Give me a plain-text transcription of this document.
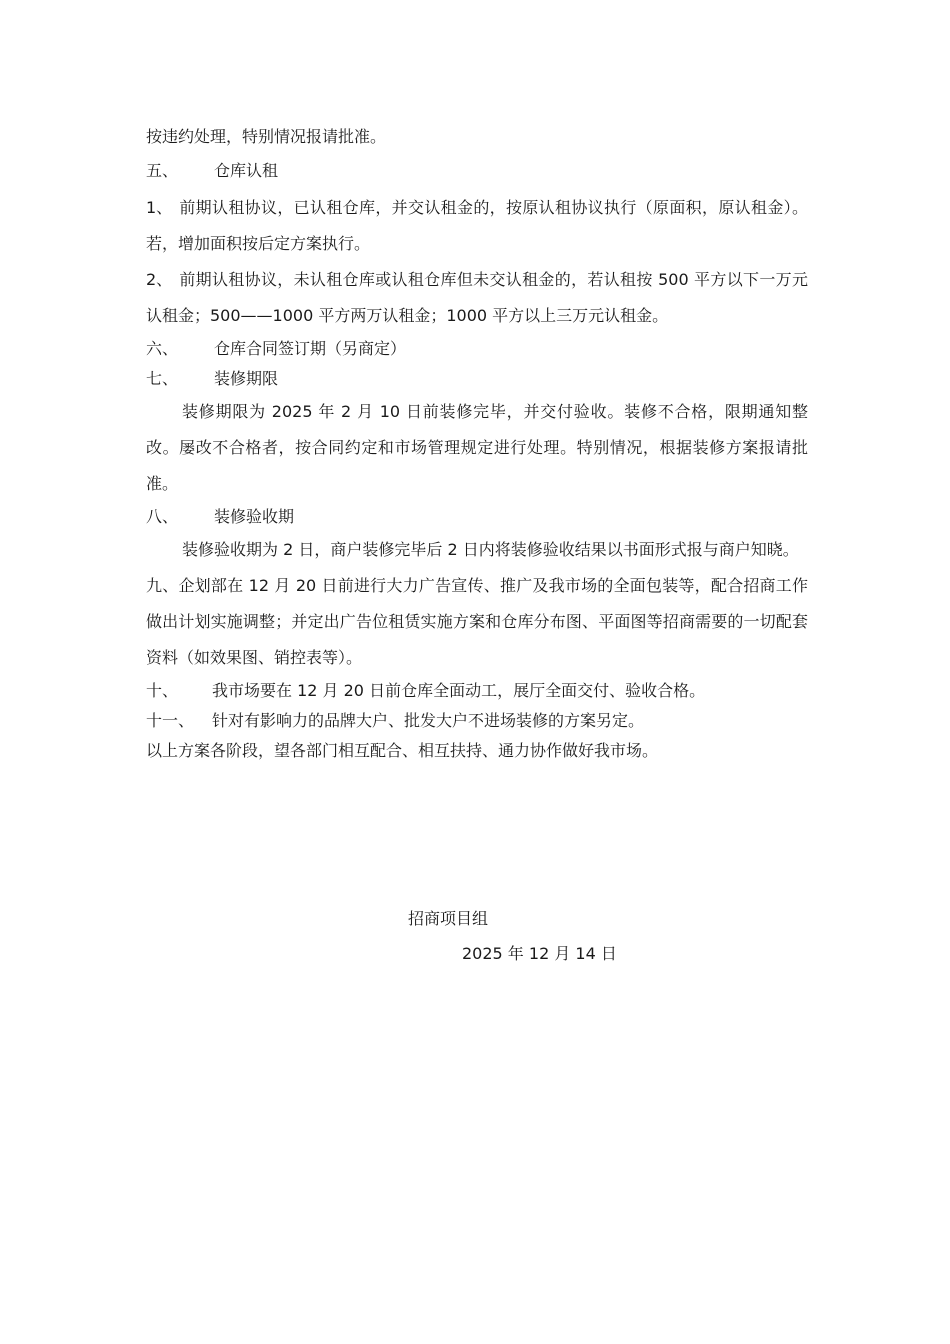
按违约处理，特别情况报请批准。

五、 仓库认租

1、 前期认租协议，已认租仓库，并交认租金的，按原认租协议执行（原面积，原认租金）。若，增加面积按后定方案执行。

2、 前期认租协议，未认租仓库或认租仓库但未交认租金的，若认租按 500 平方以下一万元认租金；500——1000 平方两万认租金；1000 平方以上三万元认租金。

六、 仓库合同签订期（另商定）

七、 装修期限

装修期限为 2025 年 2 月 10 日前装修完毕，并交付验收。装修不合格，限期通知整改。屡改不合格者，按合同约定和市场管理规定进行处理。特别情况，根据装修方案报请批准。

八、 装修验收期

装修验收期为 2 日，商户装修完毕后 2 日内将装修验收结果以书面形式报与商户知晓。

九、企划部在 12 月 20 日前进行大力广告宣传、推广及我市场的全面包装等，配合招商工作做出计划实施调整；并定出广告位租赁实施方案和仓库分布图、平面图等招商需要的一切配套资料（如效果图、销控表等）。

十、 我市场要在 12 月 20 日前仓库全面动工，展厅全面交付、验收合格。

十一、 针对有影响力的品牌大户、批发大户不进场装修的方案另定。

以上方案各阶段，望各部门相互配合、相互扶持、通力协作做好我市场。

招商项目组
2025 年 12 月 14 日
